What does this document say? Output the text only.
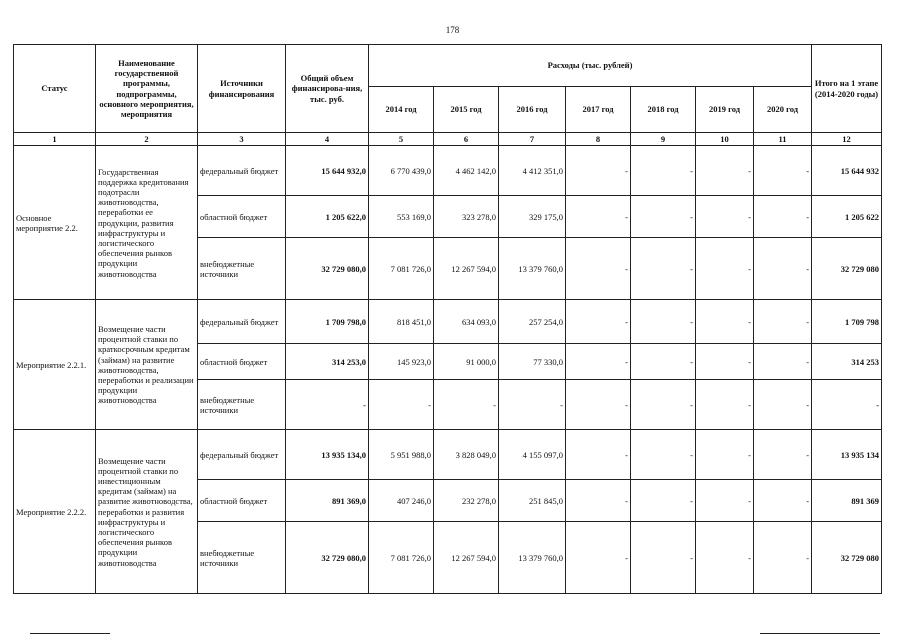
178
Статус	Наименование государственной программы, подпрограммы, основного мероприятия, мероприятия	Источники финансирования	Общий объем финансирова-ния, тыс. руб.	Расходы (тыс. рублей)							Итого на 1 этапе (2014-2020 годы)
				2014 год	2015 год	2016 год	2017 год	2018 год	2019 год	2020 год	
1	2	3	4	5	6	7	8	9	10	11	12
Основное мероприятие 2.2.	Государственная поддержка кредитования подотрасли животноводства, переработки ее продукции, развития инфраструктуры и логистического обеспечения рынков продукции животноводства	федеральный бюджет	15 644 932,0	6 770 439,0	4 462 142,0	4 412 351,0	-	-	-	-	15 644 932
		областной бюджет	1 205 622,0	553 169,0	323 278,0	329 175,0	-	-	-	-	1 205 622
		внебюджетные источники	32 729 080,0	7 081 726,0	12 267 594,0	13 379 760,0	-	-	-	-	32 729 080
Мероприятие 2.2.1.	Возмещение части процентной ставки по краткосрочным кредитам (займам) на развитие животноводства, переработки и реализации продукции животноводства	федеральный бюджет	1 709 798,0	818 451,0	634 093,0	257 254,0	-	-	-	-	1 709 798
		областной бюджет	314 253,0	145 923,0	91 000,0	77 330,0	-	-	-	-	314 253
		внебюджетные источники	-	-	-	-	-	-	-	-	-
Мероприятие 2.2.2.	Возмещение части процентной ставки по инвестиционным кредитам (займам) на развитие животноводства, переработки и развития инфраструктуры и логистического обеспечения рынков продукции животноводства	федеральный бюджет	13 935 134,0	5 951 988,0	3 828 049,0	4 155 097,0	-	-	-	-	13 935 134
		областной бюджет	891 369,0	407 246,0	232 278,0	251 845,0	-	-	-	-	891 369
		внебюджетные источники	32 729 080,0	7 081 726,0	12 267 594,0	13 379 760,0	-	-	-	-	32 729 080
